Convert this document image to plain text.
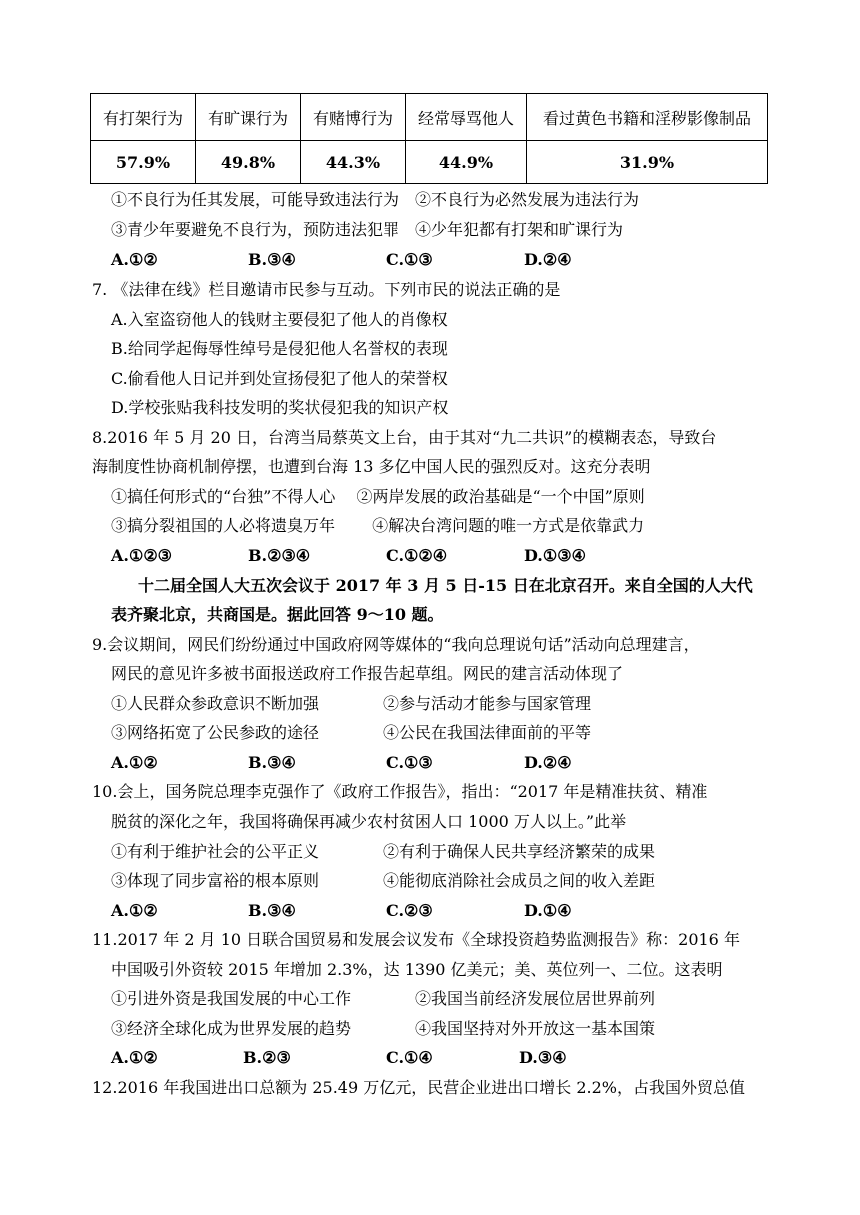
有打架行为	有旷课行为	有赌博行为	经常辱骂他人	看过黄色书籍和淫秽影像制品
57.9%	49.8%	44.3%	44.9%	31.9%
①不良行为任其发展，可能导致违法行为　②不良行为必然发展为违法行为
③青少年要避免不良行为，预防违法犯罪　④少年犯都有打架和旷课行为

A.①②

	B.③④

	C.①③

	D.②④

7. 《法律在线》栏目邀请市民参与互动。下列市民的说法正确的是
A.入室盗窃他人的钱财主要侵犯了他人的肖像权
B.给同学起侮辱性绰号是侵犯他人名誉权的表现
C.偷看他人日记并到处宣扬侵犯了他人的荣誉权
D.学校张贴我科技发明的奖状侵犯我的知识产权
8.2016 年 5 月 20 日，台湾当局蔡英文上台，由于其对“九二共识”的模糊表态，导致台
海制度性协商机制停摆，也遭到台海 13 多亿中国人民的强烈反对。这充分表明
①搞任何形式的“台独”不得人心　 ②两岸发展的政治基础是“一个中国”原则
③搞分裂祖国的人必将遗臭万年　　 ④解决台湾问题的唯一方式是依靠武力

A.①②③

	B.②③④

	C.①②④

	D.①③④

十二届全国人大五次会议于 2017 年 3 月 5 日-15 日在北京召开。来自全国的人大代
表齐聚北京，共商国是。据此回答 9～10 题。
9.会议期间，网民们纷纷通过中国政府网等媒体的“我向总理说句话”活动向总理建言，
网民的意见许多被书面报送政府工作报告起草组。网民的建言活动体现了
①人民群众参政意识不断加强　　　　②参与活动才能参与国家管理
③网络拓宽了公民参政的途径　　　　④公民在我国法律面前的平等

A.①②

	B.③④

	C.①③

	D.②④

10.会上，国务院总理李克强作了《政府工作报告》，指出：“2017 年是精准扶贫、精准
脱贫的深化之年，我国将确保再减少农村贫困人口 1000 万人以上。”此举
①有利于维护社会的公平正义　　　　②有利于确保人民共享经济繁荣的成果
③体现了同步富裕的根本原则　　　　④能彻底消除社会成员之间的收入差距

A.①②

	B.③④

	C.②③

	D.①④

11.2017 年 2 月 10 日联合国贸易和发展会议发布《全球投资趋势监测报告》称：2016 年
中国吸引外资较 2015 年增加 2.3%，达 1390 亿美元；美、英位列一、二位。这表明
①引进外资是我国发展的中心工作　　　　②我国当前经济发展位居世界前列
③经济全球化成为世界发展的趋势　　　　④我国坚持对外开放这一基本国策

A.①②

	B.②③

	C.①④

	D.③④

12.2016 年我国进出口总额为 25.49 万亿元，民营企业进出口增长 2.2%，占我国外贸总值
